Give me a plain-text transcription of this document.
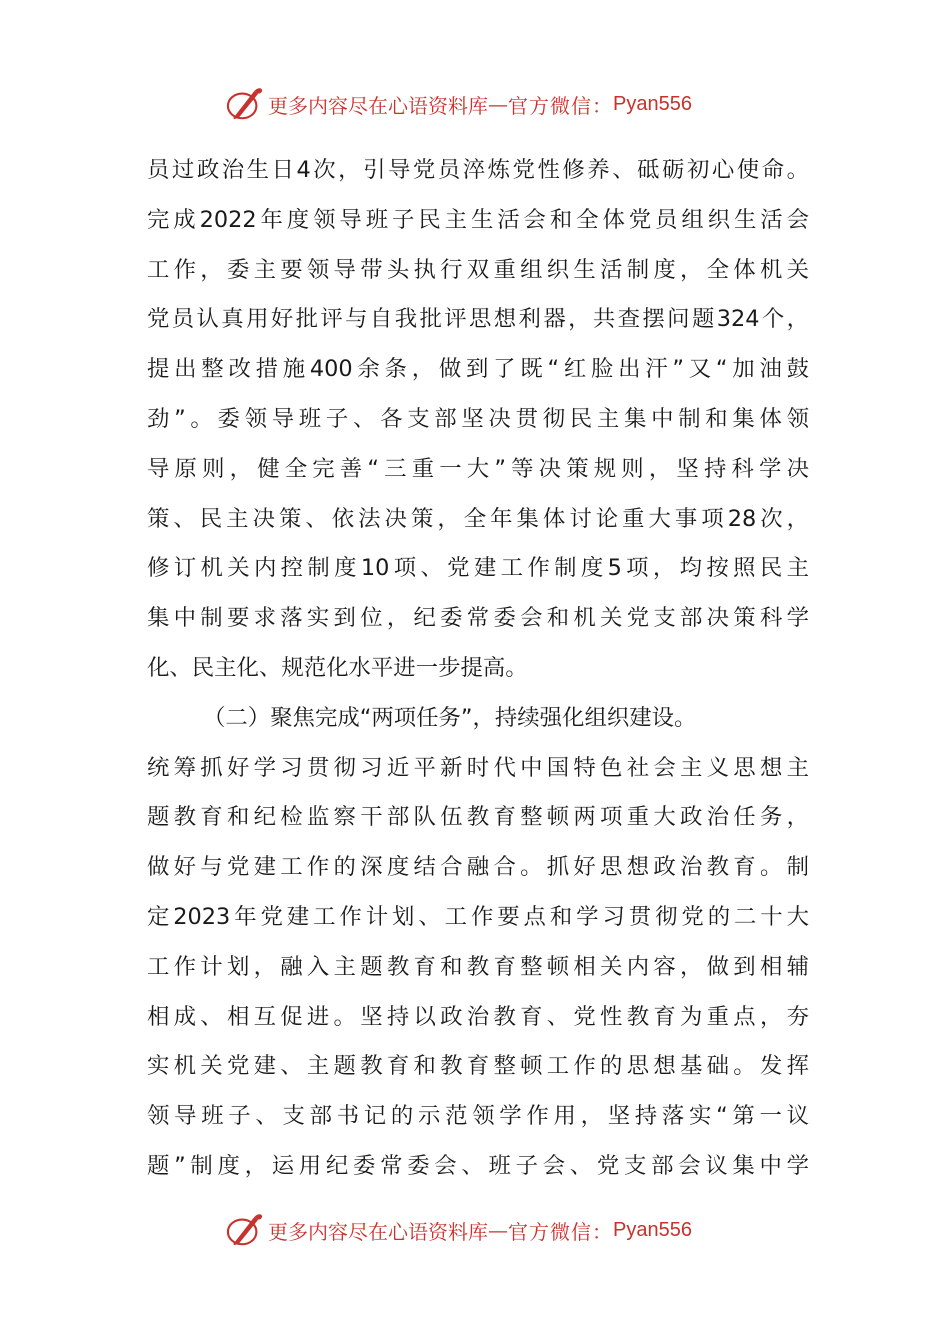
更多内容尽在心语资料库 — 官方微信： Pyan556
员过政治生日4次，引导党员淬炼党性修养、砥砺初心使命。
完成2022年度领导班子民主生活会和全体党员组织生活会
工作，委主要领导带头执行双重组织生活制度，全体机关
党员认真用好批评与自我批评思想利器，共查摆问题324个，
提出整改措施400余条，做到了既“红脸出汗”又“加油鼓
劲”。委领导班子、各支部坚决贯彻民主集中制和集体领
导原则，健全完善“三重一大”等决策规则，坚持科学决
策、民主决策、依法决策，全年集体讨论重大事项28次，
修订机关内控制度10项、党建工作制度5项，均按照民主
集中制要求落实到位，纪委常委会和机关党支部决策科学
化、民主化、规范化水平进一步提高。
（二）聚焦完成“两项任务”，持续强化组织建设。
统筹抓好学习贯彻习近平新时代中国特色社会主义思想主
题教育和纪检监察干部队伍教育整顿两项重大政治任务，
做好与党建工作的深度结合融合。抓好思想政治教育。制
定2023年党建工作计划、工作要点和学习贯彻党的二十大
工作计划，融入主题教育和教育整顿相关内容，做到相辅
相成、相互促进。坚持以政治教育、党性教育为重点，夯
实机关党建、主题教育和教育整顿工作的思想基础。发挥
领导班子、支部书记的示范领学作用，坚持落实“第一议
题”制度，运用纪委常委会、班子会、党支部会议集中学
更多内容尽在心语资料库 — 官方微信： Pyan556
